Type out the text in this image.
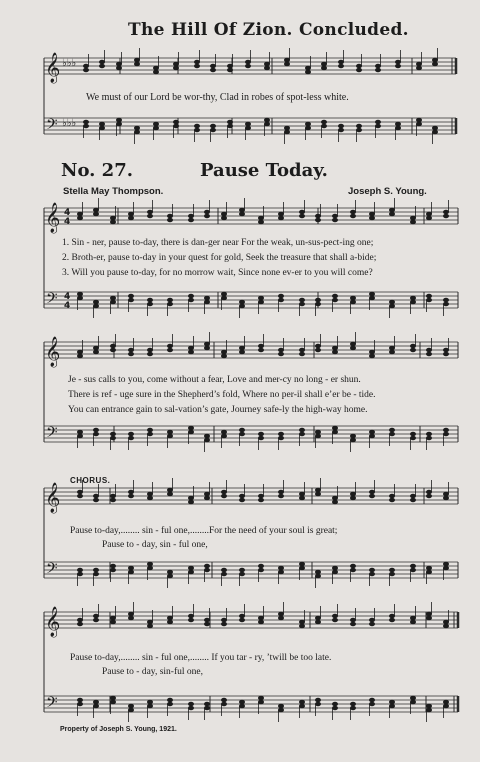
𝄞
𝄢
𝄞
𝄢
𝄞
𝄢
𝄞
𝄢
𝄞
𝄢
♭♭♭
♭♭♭
4
4
4
4
The Hill Of Zion. Concluded.
We must of our Lord be wor-thy, Clad in robes of spot-less white.
No. 27.	Pause Today.
Stella May Thompson.	Joseph S. Young.
1. Sin - ner, pause to-day, there is dan-ger near For the weak, un-sus-pect-ing one;
2. Broth-er, pause to-day in your quest for gold, Seek the treasure that shall a-bide;
3. Will you pause to-day, for no morrow wait, Since none ev-er to you will come?
Je - sus calls to you, come without a fear, Love and mer-cy no long - er shun.
There is ref - uge sure in the Shepherd’s fold, Where no per-il shall e’er be - tide.
You can entrance gain to sal-vation’s gate, Journey safe-ly the high-way home.
CHORUS.
Pause to-day,........ sin - ful one,........For the need of your soul is great;
Pause to - day, sin - ful one,
Pause to-day,........ sin - ful one,........ If you tar - ry, ’twill be too late.
Pause to - day, sin-ful one,
Property of Joseph S. Young, 1921.
